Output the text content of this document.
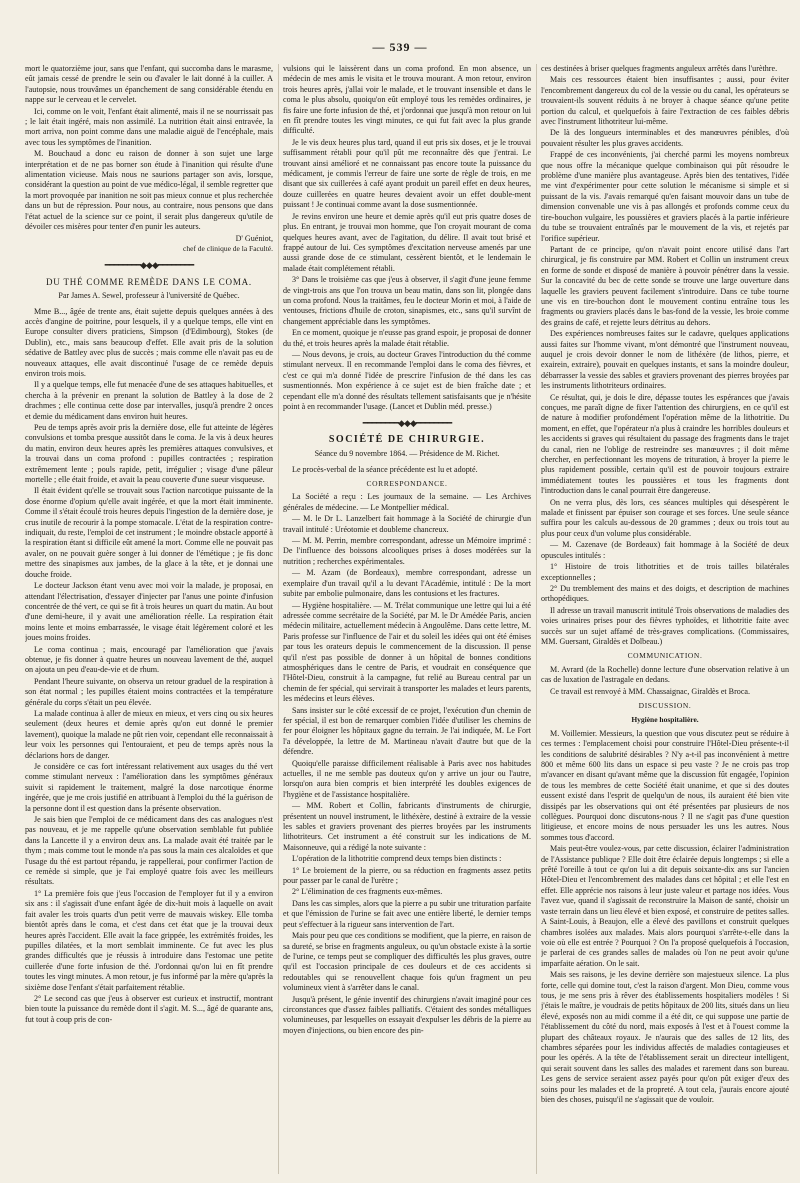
— 539 —

mort le quatorzième jour, sans que l'enfant, qui succomba dans le marasme, eût jamais cessé de prendre le sein ou d'avaler le lait donné à la cuiller. A l'autopsie, nous trouvâmes un épanchement de sang considérable étendu en nappe sur le cerveau et le cervelet.

Ici, comme on le voit, l'enfant était alimenté, mais il ne se nourrissait pas ; le lait était ingéré, mais non assimilé. La nutrition était ainsi entravée, la mort arriva, non point comme dans une maladie aiguë de l'encéphale, mais avec tous les symptômes de l'inanition.

M. Bouchaud a donc eu raison de donner à son sujet une large interprétation et de ne pas borner son étude à l'inanition qui résulte d'une alimentation vicieuse. Mais nous ne saurions partager son avis, lorsque, considérant la question au point de vue médico-légal, il semble regretter que la mort provoquée par inanition ne soit pas mieux connue et plus recherchée dans un but de répression. Pour nous, au contraire, nous pensons que dans l'état actuel de la science sur ce point, il serait plus dangereux qu'utile de dévoiler ces misères pour tenter d'en punir les auteurs.

D' Guéniot,
chef de clinique de la Faculté.
━━━━━━━━◆◆◆━━━━━━━━
DU THÉ COMME REMÈDE DANS LE COMA.
Par James A. Sewel, professeur à l'université de Québec.

Mme B..., âgée de trente ans, était sujette depuis quelques années à des accès d'angine de poitrine, pour lesquels, il y a quelque temps, elle vint en Europe consulter divers praticiens, Simpson (d'Edimbourg), Stokes (de Dublin), etc., mais sans beaucoup d'effet. Elle avait pris de la solution sédative de Battley avec plus de succès ; mais comme elle n'avait pas eu de nouveaux attaques, elle avait discontinué l'usage de ce remède depuis environ trois mois.

Il y a quelque temps, elle fut menacée d'une de ses attaques habituelles, et chercha à la prévenir en prenant la solution de Battley à la dose de 2 drachmes ; elle continua cette dose par intervalles, jusqu'à prendre 2 onces et demie du médicament dans environ huit heures.

Peu de temps après avoir pris la dernière dose, elle fut atteinte de légères convulsions et tomba presque aussitôt dans le coma. Je la vis à deux heures du matin, environ deux heures après les premières attaques convulsives, et la trouvai dans un coma profond : pupilles contractées ; respiration extrêmement lente ; pouls rapide, petit, irrégulier ; visage d'une pâleur mortelle ; elle était froide, et avait la peau couverte d'une sueur visqueuse.

Il était évident qu'elle se trouvait sous l'action narcotique puissante de la dose énorme d'opium qu'elle avait ingérée, et que la mort était imminente. Comme il s'était écoulé trois heures depuis l'ingestion de la dernière dose, je crus inutile de recourir à la pompe stomacale. L'état de la respiration contre-indiquait, du reste, l'emploi de cet instrument ; le moindre obstacle apporté à la respiration étant si difficile eût amené la mort. Comme elle ne pouvait pas avaler, on ne pouvait guère songer à lui donner de l'émétique ; je fis donc mettre des sinapismes aux jambes, de la glace à la tête, et je donnai une douche froide.

Le docteur Jackson étant venu avec moi voir la malade, je proposai, en attendant l'électrisation, d'essayer d'injecter par l'anus une pointe d'infusion concentrée de thé vert, ce qui se fit à trois heures un quart du matin. Au bout d'une demi-heure, il y avait une amélioration réelle. La respiration était moins lente et moins embarrassée, le visage était légèrement coloré et les joues moins froides.

Le coma continua ; mais, encouragé par l'amélioration que j'avais obtenue, je fis donner à quatre heures un nouveau lavement de thé, auquel on ajouta un peu d'eau-de-vie et de rhum.

Pendant l'heure suivante, on observa un retour graduel de la respiration à son état normal ; les pupilles étaient moins contractées et la température générale du corps s'était un peu élevée.

La malade continua à aller de mieux en mieux, et vers cinq ou six heures seulement (deux heures et demie après qu'on eut donné le premier lavement), quoique la malade ne pût rien voir, cependant elle reconnaissait à leur voix les personnes qui l'entouraient, et peu de temps après nous la déclarions hors de danger.

Je considère ce cas fort intéressant relativement aux usages du thé vert comme stimulant nerveux : l'amélioration dans les symptômes généraux suivit si rapidement le traitement, malgré la dose narcotique énorme ingérée, que je me crois justifié en attribuant à l'emploi du thé la guérison de la personne dont il est question dans la présente observation.

Je sais bien que l'emploi de ce médicament dans des cas analogues n'est pas nouveau, et je me rappelle qu'une observation semblable fut publiée dans la Lancette il y a environ deux ans. La malade avait été traitée par le thym ; mais comme tout le monde n'a pas sous la main ces alcaloïdes et que l'usage du thé est partout répandu, je rappellerai, pour confirmer l'action de ce remède si simple, que je l'ai employé quatre fois avec les meilleurs résultats.

1° La première fois que j'eus l'occasion de l'employer fut il y a environ six ans : il s'agissait d'une enfant âgée de dix-huit mois à laquelle on avait fait avaler les trois quarts d'un petit verre de mauvais wiskey. Elle tomba bientôt après dans le coma, et c'est dans cet état que je la trouvai deux heures après l'accident. Elle avait la face grippée, les extrémités froides, les pupilles dilatées, et la mort semblait imminente. Ce fut avec les plus grandes difficultés que je réussis à introduire dans l'estomac une petite cuillerée d'une forte infusion de thé. J'ordonnai qu'on lui en fît prendre toutes les vingt minutes. A mon retour, je fus informé par la mère qu'après la sixième dose l'enfant s'était parfaitement rétablie.

2° Le second cas que j'eus à observer est curieux et instructif, montrant bien toute la puissance du remède dont il s'agit. M. S..., âgé de quarante ans, fut tout à coup pris de con-

vulsions qui le laissèrent dans un coma profond. En mon absence, un médecin de mes amis le visita et le trouva mourant. A mon retour, environ trois heures après, j'allai voir le malade, et le trouvant insensible et dans le coma le plus absolu, quoiqu'on eût employé tous les remèdes ordinaires, je fis faire une forte infusion de thé, et j'ordonnai que jusqu'à mon retour on lui en fît prendre toutes les vingt minutes, ce qui fut fait avec la plus grande difficulté.

Je le vis deux heures plus tard, quand il eut pris six doses, et je le trouvai suffisamment rétabli pour qu'il pût me reconnaître dès que j'entrai. Le trouvant ainsi amélioré et ne connaissant pas encore toute la puissance du médicament, je commis l'erreur de faire une sorte de règle de trois, en me disant que six cuillerées à café ayant produit un pareil effet en deux heures, douze cuillerées en quatre heures devaient avoir un effet double-ment puissant ! Je continuai comme avant la dose susmentionnée.

Je revins environ une heure et demie après qu'il eut pris quatre doses de plus. En entrant, je trouvai mon homme, que l'on croyait mourant de coma quelques heures avant, avec de l'agitation, du délire. Il avait tout brisé et frappé autour de lui. Ces symptômes d'excitation nerveuse amenés par une aussi grande dose de ce stimulant, cessèrent bientôt, et le lendemain le malade était complétement rétabli.

3° Dans le troisième cas que j'eus à observer, il s'agit d'une jeune femme de vingt-trois ans que l'on trouva un beau matin, dans son lit, plongée dans un coma profond. Nous la traitâmes, feu le docteur Morin et moi, à l'aide de ventouses, frictions d'huile de croton, sinapismes, etc., sans qu'il survînt de changement appréciable dans les symptômes.

En ce moment, quoique je n'eusse pas grand espoir, je proposai de donner du thé, et trois heures après la malade était rétablie.

— Nous devons, je crois, au docteur Graves l'introduction du thé comme stimulant nerveux. Il en recommande l'emploi dans le coma des fièvres, et c'est ce qui m'a donné l'idée de prescrire l'infusion de thé dans les cas susmentionnés. Mon expérience à ce sujet est de bien fraîche date ; et cependant elle m'a donné des résultats tellement satisfaisants que je n'hésite point à en recommander l'usage. (Lancet et Dublin méd. presse.)

━━━━━━━━◆◆◆━━━━━━━━
SOCIÉTÉ DE CHIRURGIE.
Séance du 9 novembre 1864. — Présidence de M. Richet.

Le procès-verbal de la séance précédente est lu et adopté.

CORRESPONDANCE.

La Société a reçu : Les journaux de la semaine. — Les Archives générales de médecine. — Le Montpellier médical.

— M. le Dr L. Lanzelbert fait hommage à la Société de chirurgie d'un travail intitulé : Uréotomie et doubleme chancreux.

— M. M. Perrin, membre correspondant, adresse un Mémoire imprimé : De l'influence des boissons alcooliques prises à doses modérées sur la nutrition ; recherches expérimentales.

— M. Azam (de Bordeaux), membre correspondant, adresse un exemplaire d'un travail qu'il a lu devant l'Académie, intitulé : De la mort subite par embolie pulmonaire, dans les contusions et les fractures.

— Hygiène hospitalière. — M. Trélat communique une lettre qui lui a été adressée comme secrétaire de la Société, par M. le Dr Amédée Paris, ancien médecin militaire, actuellement médecin à Angoulême. Dans cette lettre, M. Paris professe sur l'influence de l'air et du soleil les idées qui ont été émises par tous les orateurs depuis le commencement de la discussion. Il pense qu'il n'est pas possible de donner à un hôpital de bonnes conditions atmosphériques dans le centre de Paris, et voudrait en conséquence que l'Hôtel-Dieu, construit à la campagne, fut relié au Bureau central par un chemin de fer spécial, qui servirait à transporter les malades et leurs parents, les médecins et leurs élèves.

Sans insister sur le côté excessif de ce projet, l'exécution d'un chemin de fer spécial, il est bon de remarquer combien l'idée d'utiliser les chemins de fer pour éloigner les hôpitaux gagne du terrain. Je l'ai indiquée, M. Le Fort l'a développée, la lettre de M. Martineau n'avait d'autre but que de la défendre.

Quoiqu'elle paraisse difficilement réalisable à Paris avec nos habitudes actuelles, il ne me semble pas douteux qu'on y arrive un jour ou l'autre, lorsqu'on aura bien compris et bien interprété les doubles exigences de l'hygiène et de l'assistance hospitalière.

— MM. Robert et Collin, fabricants d'instruments de chirurgie, présentent un nouvel instrument, le lithéxère, destiné à extraire de la vessie les sables et graviers provenant des pierres broyées par les instruments lithotriteurs. Cet instrument a été construit sur les indications de M. Maisonneuve, qui a rédigé la note suivante :

L'opération de la lithotritie comprend deux temps bien distincts :

1° Le broiement de la pierre, ou sa réduction en fragments assez petits pour passer par le canal de l'urètre ;

2° L'élimination de ces fragments eux-mêmes.

Dans les cas simples, alors que la pierre a pu subir une trituration parfaite et que l'émission de l'urine se fait avec une entière liberté, le dernier temps peut s'effectuer à la rigueur sans intervention de l'art.

Mais pour peu que ces conditions se modifient, que la pierre, en raison de sa dureté, se brise en fragments anguleux, ou qu'un obstacle existe à la sortie de l'urine, ce temps peut se compliquer des difficultés les plus graves, outre qu'il est l'occasion principale de ces douleurs et de ces accidents si redoutables qui se renouvellent chaque fois qu'un fragment un peu volumineux vient à s'arrêter dans le canal.

Jusqu'à présent, le génie inventif des chirurgiens n'avait imaginé pour ces circonstances que d'assez faibles palliatifs. C'étaient des sondes métalliques volumineuses, par lesquelles on essayait d'expulser les débris de la pierre au moyen d'injections, ou bien encore des pin-

ces destinées à briser quelques fragments anguleux arrêtés dans l'urèthre.

Mais ces ressources étaient bien insuffisantes ; aussi, pour éviter l'encombrement dangereux du col de la vessie ou du canal, les opérateurs se trouvaient-ils souvent réduits à ne broyer à chaque séance qu'une petite portion du calcul, et quelquefois à faire l'extraction de ces faibles débris avec l'instrument lithotriteur lui-même.

De là des longueurs interminables et des manœuvres pénibles, d'où pouvaient résulter les plus graves accidents.

Frappé de ces inconvénients, j'ai cherché parmi les moyens nombreux que nous offre la mécanique quelque combinaison qui pût résoudre le problème d'une manière plus avantageuse. Après bien des tentatives, l'idée me vint d'expérimenter pour cette solution le mécanisme si simple et si puissant de la vis. J'avais remarqué qu'en faisant mouvoir dans un tube de dimension convenable une vis à pas allongés et profonds comme ceux du tire-bouchon vulgaire, les poussières et graviers placés à la partie inférieure du tube se trouvaient entraînés par le mouvement de la vis, et rejetés par l'orifice supérieur.

Partant de ce principe, qu'on n'avait point encore utilisé dans l'art chirurgical, je fis construire par MM. Robert et Collin un instrument creux en forme de sonde et disposé de manière à pouvoir pénétrer dans la vessie. Sur la concavité du bec de cette sonde se trouve une large ouverture dans laquelle les graviers peuvent facilement s'introduire. Dans ce tube tourne une vis en tire-bouchon dont le mouvement continu entraîne tous les fragments ou graviers placés dans le bas-fond de la vessie, les broie comme des grains de café, et rejette leurs détritus au dehors.

Des expériences nombreuses faites sur le cadavre, quelques applications aussi faites sur l'homme vivant, m'ont démontré que l'instrument nouveau, auquel je crois devoir donner le nom de lithéxère (de lithos, pierre, et exairein, extraire), pouvait en quelques instants, et sans la moindre douleur, débarrasser la vessie des sables et graviers provenant des pierres broyées par les instruments lithotriteurs ordinaires.

Ce résultat, qui, je dois le dire, dépasse toutes les espérances que j'avais conçues, me paraît digne de fixer l'attention des chirurgiens, en ce qu'il est de nature à modifier profondément l'opération même de la lithotritie. Du moment, en effet, que l'opérateur n'a plus à craindre les horribles douleurs et les accidents si graves qui résultaient du passage des fragments dans le trajet du canal, rien ne l'oblige de restreindre ses manœuvres ; il doit même chercher, en perfectionnant les moyens de trituration, à broyer la pierre le plus rapidement possible, certain qu'il est de pouvoir toujours extraire immédiatement toutes les poussières et tous les fragments dont l'introduction dans le canal pourrait être dangereuse.

On ne verra plus, dès lors, ces séances multiples qui désespèrent le malade et finissent par épuiser son courage et ses forces. Une seule séance suffira pour les calculs au-dessous de 20 grammes ; deux ou trois tout au plus pour ceux d'un volume plus considérable.

— M. Cazenave (de Bordeaux) fait hommage à la Société de deux opuscules intitulés :

1° Histoire de trois lithotrities et de trois tailles bilatérales exceptionnelles ;

2° Du tremblement des mains et des doigts, et description de machines orthopédiques.

Il adresse un travail manuscrit intitulé Trois observations de maladies des voies urinaires prises pour des fièvres typhoïdes, et lithotritie faite avec succès sur un sujet affamé de très-graves complications. (Commissaires, MM. Guersant, Giraldès et Dolbeau.)

COMMUNICATION.

M. Avrard (de la Rochelle) donne lecture d'une observation relative à un cas de luxation de l'astragale en dedans.

Ce travail est renvoyé à MM. Chassaignac, Giraldès et Broca.

DISCUSSION.
Hygiène hospitalière.

M. Voillemier. Messieurs, la question que vous discutez peut se réduire à ces termes : l'emplacement choisi pour construire l'Hôtel-Dieu présente-t-il les conditions de salubrité désirables ? N'y a-t-il pas inconvénient à mettre 800 et même 600 lits dans un espace si peu vaste ? Je ne crois pas trop m'avancer en disant qu'avant même que la discussion fût engagée, l'opinion de tous les membres de cette Société était unanime, et que si des doutes eussent existé dans l'esprit de quelqu'un de nous, ils auraient été bien vite dissipés par les observations qui ont été présentées par plusieurs de nos collègues. Pourquoi donc discutons-nous ? Il ne s'agit pas d'une question litigieuse, et encore moins de nous persuader les uns les autres. Nous sommes tous d'accord.

Mais peut-être voulez-vous, par cette discussion, éclairer l'administration de l'Assistance publique ? Elle doit être éclairée depuis longtemps ; si elle a prêté l'oreille à tout ce qu'on lui a dit depuis soixante-dix ans sur l'ancien Hôtel-Dieu et l'encombrement des malades dans cet hôpital ; et elle l'est en effet. Elle apprécie nos raisons à leur juste valeur et partage nos idées. Vous l'avez vue, quand il s'agissait de reconstruire la Maison de santé, choisir un vaste terrain dans un lieu élevé et bien exposé, et construire de petites salles. A Saint-Louis, à Beaujon, elle a élevé des pavillons et construit quelques chambres isolées aux malades. Mais alors pourquoi s'arrête-t-elle dans la voie où elle est entrée ? Pourquoi ? On l'a proposé quelquefois à l'occasion, je parlerai de ces grandes salles de malades où l'on ne peut avoir qu'une imparfaite aération. On le sait.

Mais ses raisons, je les devine derrière son majestueux silence. La plus forte, celle qui domine tout, c'est la raison d'argent. Mon Dieu, comme vous tous, je me sens pris à rêver des établissements hospitaliers modèles ! Si j'étais le maître, je voudrais de petits hôpitaux de 200 lits, situés dans un lieu élevé, exposés non au midi comme il a été dit, ce qui suppose une partie de l'établissement du côté du nord, mais exposés à l'est et à l'ouest comme la plupart des châteaux royaux. Je n'aurais que des salles de 12 lits, des chambres séparées pour les individus affectés de maladies contagieuses et pour les opérés. A la tête de l'établissement serait un directeur intelligent, qui serait souvent dans les salles des malades et rarement dans son bureau. Les gens de service seraient assez payés pour qu'on pût exiger d'eux des soins pour les malades et de la propreté. A tout cela, j'aurais encore ajouté bien des choses, puisqu'il ne s'agissait que de vouloir.
